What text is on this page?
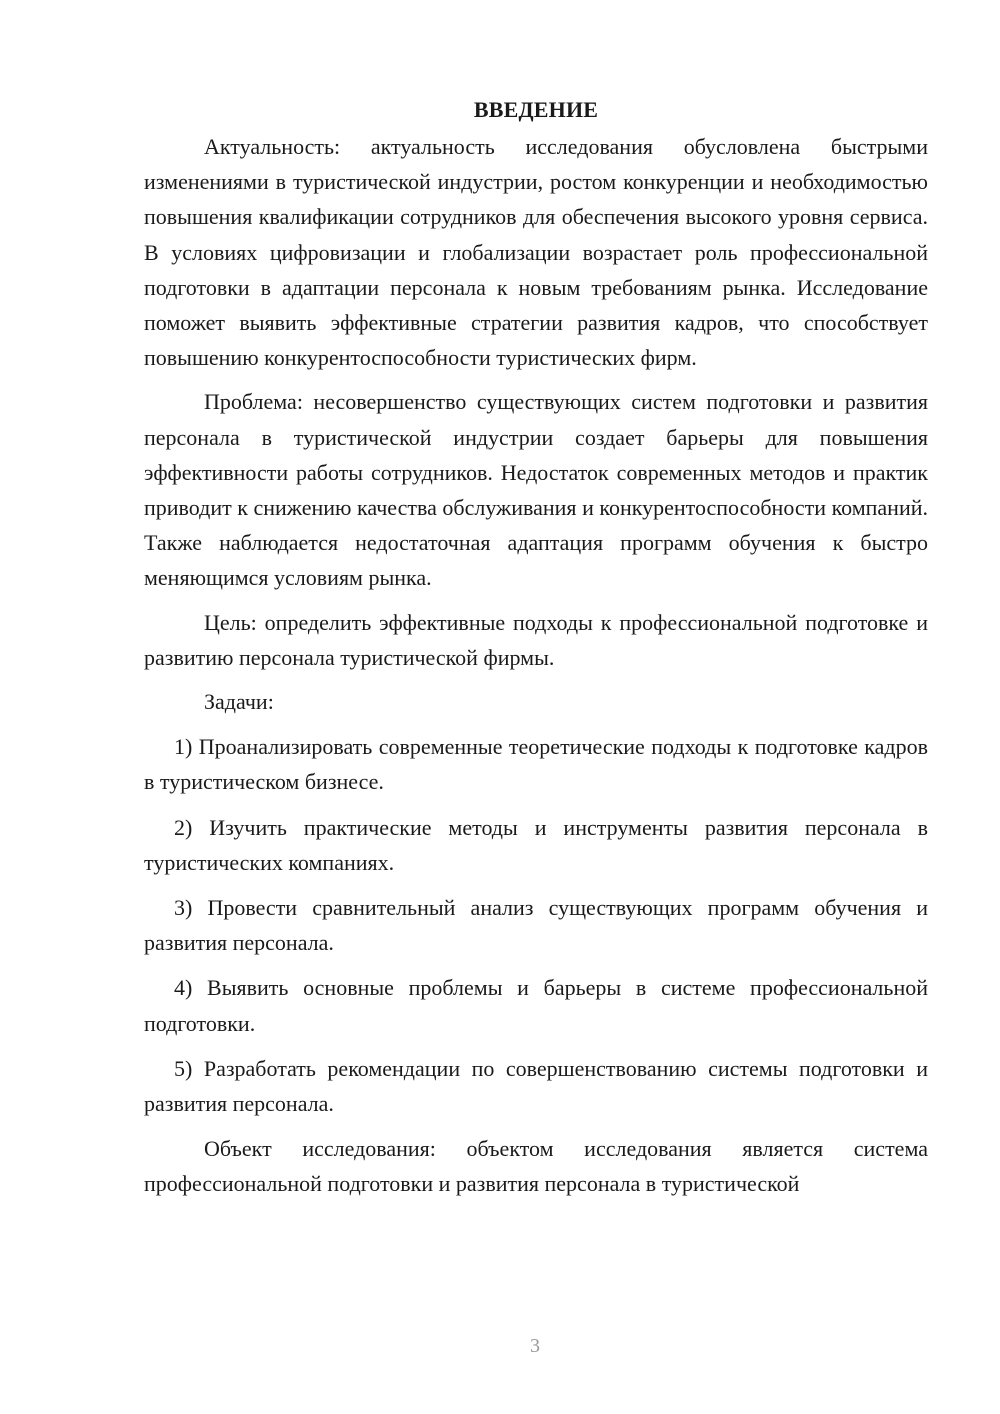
ВВЕДЕНИЕ

Актуальность: актуальность исследования обусловлена быстрыми изменениями в туристической индустрии, ростом конкуренции и необходимостью повышения квалификации сотрудников для обеспечения высокого уровня сервиса. В условиях цифровизации и глобализации возрастает роль профессиональной подготовки в адаптации персонала к новым требованиям рынка. Исследование поможет выявить эффективные стратегии развития кадров, что способствует повышению конкурентоспособности туристических фирм.

Проблема: несовершенство существующих систем подготовки и развития персонала в туристической индустрии создает барьеры для повышения эффективности работы сотрудников. Недостаток современных методов и практик приводит к снижению качества обслуживания и конкурентоспособности компаний. Также наблюдается недостаточная адаптация программ обучения к быстро меняющимся условиям рынка.

Цель: определить эффективные подходы к профессиональной подготовке и развитию персонала туристической фирмы.

Задачи:

1) Проанализировать современные теоретические подходы к подготовке кадров в туристическом бизнесе.

2) Изучить практические методы и инструменты развития персонала в туристических компаниях.

3) Провести сравнительный анализ существующих программ обучения и развития персонала.

4) Выявить основные проблемы и барьеры в системе профессиональной подготовки.

5) Разработать рекомендации по совершенствованию системы подготовки и развития персонала.

Объект исследования: объектом исследования является система профессиональной подготовки и развития персонала в туристической

3
